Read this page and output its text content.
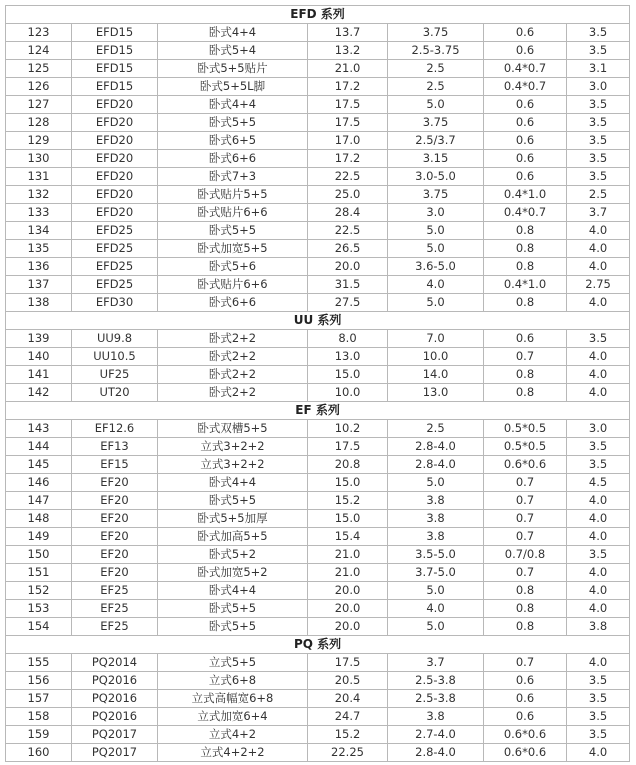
EFD 系列						
123	EFD15	卧式4+4	13.7	3.75	0.6	3.5
124	EFD15	卧式5+4	13.2	2.5-3.75	0.6	3.5
125	EFD15	卧式5+5贴片	21.0	2.5	0.4*0.7	3.1
126	EFD15	卧式5+5L脚	17.2	2.5	0.4*0.7	3.0
127	EFD20	卧式4+4	17.5	5.0	0.6	3.5
128	EFD20	卧式5+5	17.5	3.75	0.6	3.5
129	EFD20	卧式6+5	17.0	2.5/3.7	0.6	3.5
130	EFD20	卧式6+6	17.2	3.15	0.6	3.5
131	EFD20	卧式7+3	22.5	3.0-5.0	0.6	3.5
132	EFD20	卧式贴片5+5	25.0	3.75	0.4*1.0	2.5
133	EFD20	卧式贴片6+6	28.4	3.0	0.4*0.7	3.7
134	EFD25	卧式5+5	22.5	5.0	0.8	4.0
135	EFD25	卧式加宽5+5	26.5	5.0	0.8	4.0
136	EFD25	卧式5+6	20.0	3.6-5.0	0.8	4.0
137	EFD25	卧式贴片6+6	31.5	4.0	0.4*1.0	2.75
138	EFD30	卧式6+6	27.5	5.0	0.8	4.0
UU 系列						
139	UU9.8	卧式2+2	8.0	7.0	0.6	3.5
140	UU10.5	卧式2+2	13.0	10.0	0.7	4.0
141	UF25	卧式2+2	15.0	14.0	0.8	4.0
142	UT20	卧式2+2	10.0	13.0	0.8	4.0
EF 系列						
143	EF12.6	卧式双槽5+5	10.2	2.5	0.5*0.5	3.0
144	EF13	立式3+2+2	17.5	2.8-4.0	0.5*0.5	3.5
145	EF15	立式3+2+2	20.8	2.8-4.0	0.6*0.6	3.5
146	EF20	卧式4+4	15.0	5.0	0.7	4.5
147	EF20	卧式5+5	15.2	3.8	0.7	4.0
148	EF20	卧式5+5加厚	15.0	3.8	0.7	4.0
149	EF20	卧式加高5+5	15.4	3.8	0.7	4.0
150	EF20	卧式5+2	21.0	3.5-5.0	0.7/0.8	3.5
151	EF20	卧式加宽5+2	21.0	3.7-5.0	0.7	4.0
152	EF25	卧式4+4	20.0	5.0	0.8	4.0
153	EF25	卧式5+5	20.0	4.0	0.8	4.0
154	EF25	卧式5+5	20.0	5.0	0.8	3.8
PQ 系列						
155	PQ2014	立式5+5	17.5	3.7	0.7	4.0
156	PQ2016	立式6+8	20.5	2.5-3.8	0.6	3.5
157	PQ2016	立式高幅宽6+8	20.4	2.5-3.8	0.6	3.5
158	PQ2016	立式加宽6+4	24.7	3.8	0.6	3.5
159	PQ2017	立式4+2	15.2	2.7-4.0	0.6*0.6	3.5
160	PQ2017	立式4+2+2	22.25	2.8-4.0	0.6*0.6	4.0
